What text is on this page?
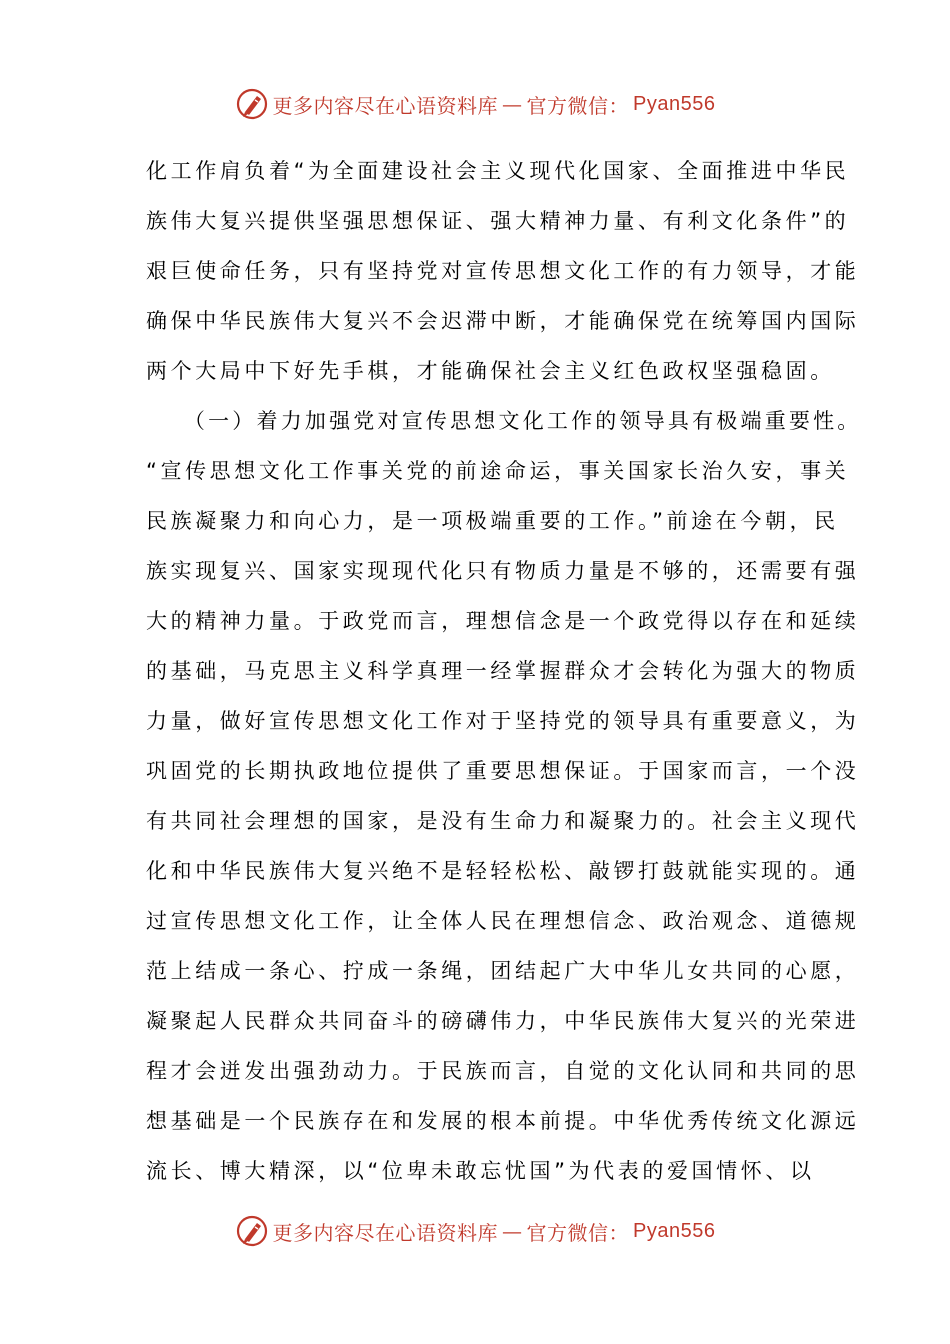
更多内容尽在心语资料库 — 官方微信： Pyan556
化工作肩负着“为全面建设社会主义现代化国家、全面推进中华民
族伟大复兴提供坚强思想保证、强大精神力量、有利文化条件”的
艰巨使命任务，只有坚持党对宣传思想文化工作的有力领导，才能
确保中华民族伟大复兴不会迟滞中断，才能确保党在统筹国内国际
两个大局中下好先手棋，才能确保社会主义红色政权坚强稳固。
　　（一）着力加强党对宣传思想文化工作的领导具有极端重要性。
“宣传思想文化工作事关党的前途命运，事关国家长治久安，事关
民族凝聚力和向心力，是一项极端重要的工作。”前途在今朝，民
族实现复兴、国家实现现代化只有物质力量是不够的，还需要有强
大的精神力量。于政党而言，理想信念是一个政党得以存在和延续
的基础，马克思主义科学真理一经掌握群众才会转化为强大的物质
力量，做好宣传思想文化工作对于坚持党的领导具有重要意义，为
巩固党的长期执政地位提供了重要思想保证。于国家而言，一个没
有共同社会理想的国家，是没有生命力和凝聚力的。社会主义现代
化和中华民族伟大复兴绝不是轻轻松松、敲锣打鼓就能实现的。通
过宣传思想文化工作，让全体人民在理想信念、政治观念、道德规
范上结成一条心、拧成一条绳，团结起广大中华儿女共同的心愿，
凝聚起人民群众共同奋斗的磅礴伟力，中华民族伟大复兴的光荣进
程才会迸发出强劲动力。于民族而言，自觉的文化认同和共同的思
想基础是一个民族存在和发展的根本前提。中华优秀传统文化源远
流长、博大精深，以“位卑未敢忘忧国”为代表的爱国情怀、以
更多内容尽在心语资料库 — 官方微信： Pyan556
